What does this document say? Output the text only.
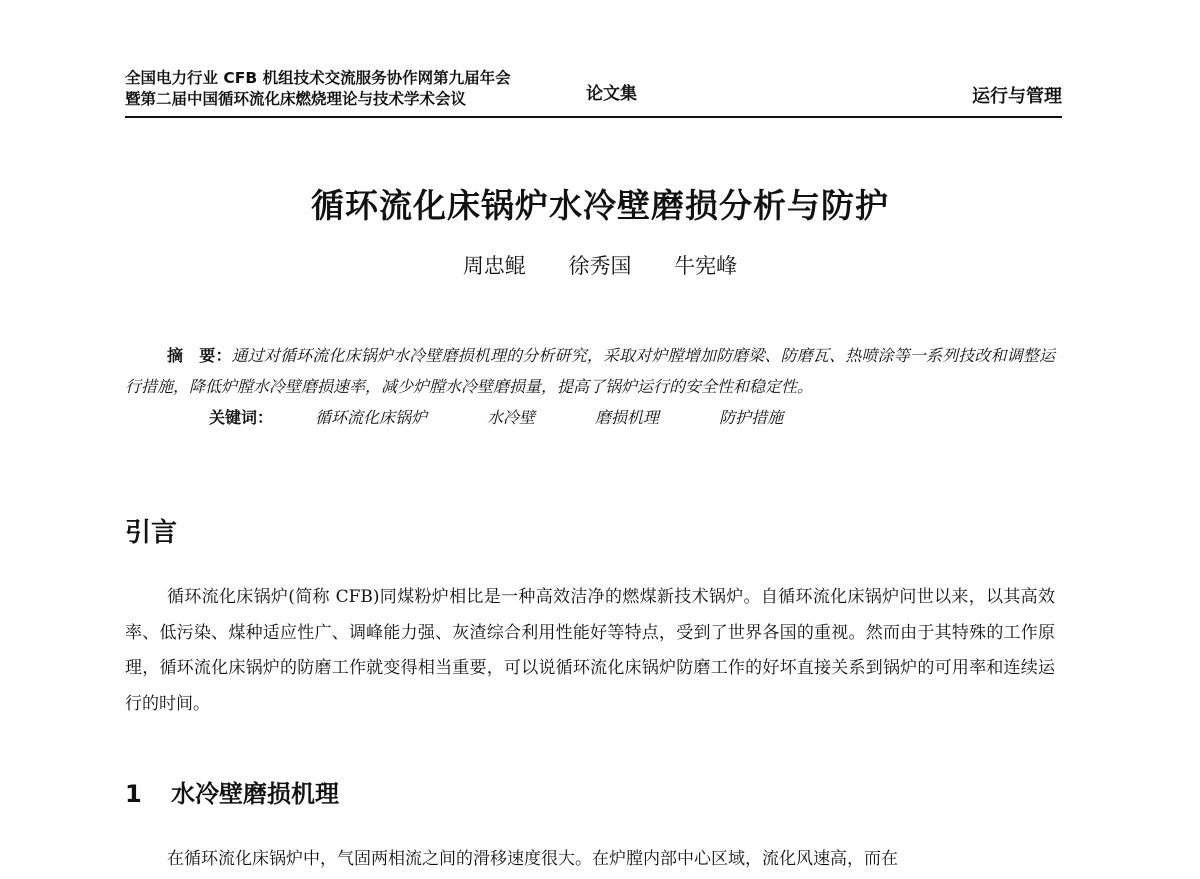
全国电力行业 CFB 机组技术交流服务协作网第九届年会
暨第二届中国循环流化床燃烧理论与技术学术会议	论文集	运行与管理
循环流化床锅炉水冷壁磨损分析与防护
周忠鲲 徐秀国 牛宪峰

摘　要：通过对循环流化床锅炉水冷壁磨损机理的分析研究，采取对炉膛增加防磨梁、防磨瓦、热喷涂等一系列技改和调整运行措施，降低炉膛水冷壁磨损速率，减少炉膛水冷壁磨损量，提高了锅炉运行的安全性和稳定性。

关键词：	循环流化床锅炉	水冷壁	磨损机理	防护措施

引言

循环流化床锅炉(简称 CFB)同煤粉炉相比是一种高效洁净的燃煤新技术锅炉。自循环流化床锅炉问世以来，以其高效率、低污染、煤种适应性广、调峰能力强、灰渣综合利用性能好等特点，受到了世界各国的重视。然而由于其特殊的工作原理，循环流化床锅炉的防磨工作就变得相当重要，可以说循环流化床锅炉防磨工作的好坏直接关系到锅炉的可用率和连续运行的时间。

1 水冷壁磨损机理

在循环流化床锅炉中，气固两相流之间的滑移速度很大。在炉膛内部中心区域，流化风速高，而在
